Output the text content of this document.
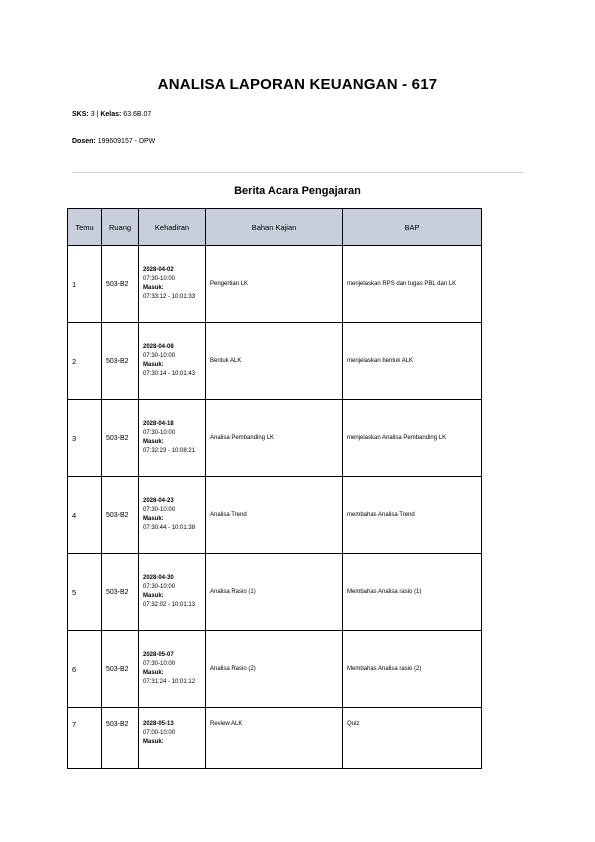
ANALISA LAPORAN KEUANGAN - 617
SKS: 3 | Kelas: 63.6B.07
Dosen: 199609157 - DPW
Berita Acara Pengajaran
Temu	Ruang	Kehadiran	Bahan Kajian	BAP
1	503-B2	2028-04-02
07:30-10:00
Masuk:
07:33:12 - 10:01:33	Pengertian LK	menjelaskan RPS dan tugas PBL dan LK
2	503-B2	2028-04-08
07:30-10:00
Masuk:
07:30:14 - 10:01:43	Bentuk ALK	menjelaskan bentuk ALK
3	503-B2	2028-04-18
07:30-10:00
Masuk:
07:32:23 - 10:08:21	Analisa Pembanding LK	menjelaskan Analisa Pembanding LK
4	503-B2	2028-04-23
07:30-10:00
Masuk:
07:30:44 - 10:01:38	Analisa Trend	membahas Analisa Trend
5	503-B2	2028-04-30
07:30-10:00
Masuk:
07:32:02 - 10:01:13	Analisa Rasio (1)	Membahas Analisa rasio (1)
6	503-B2	2028-05-07
07:30-10:00
Masuk:
07:31:24 - 10:01:12	Analisa Rasio (2)	Membahas Analisa rasio (2)
7	503-B2	2028-05-13
07:00-10:00
Masuk:	Review ALK	Quiz
